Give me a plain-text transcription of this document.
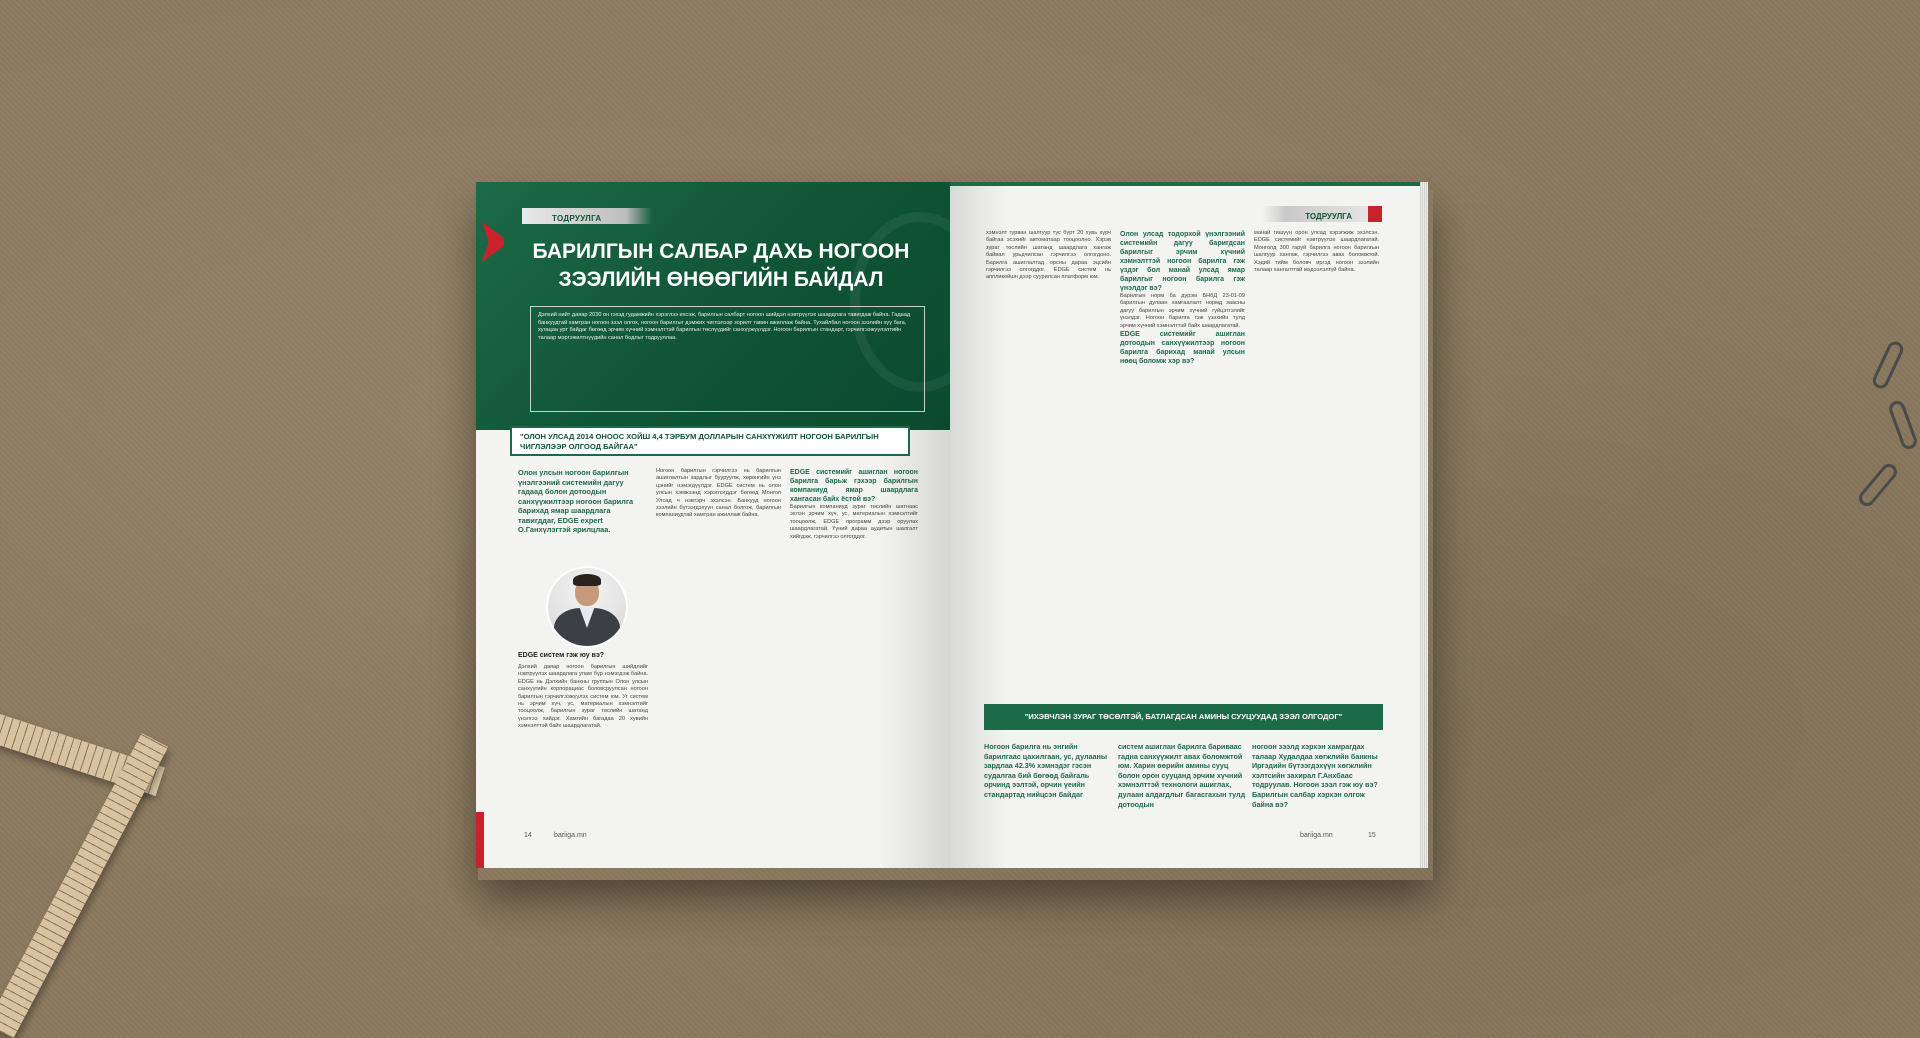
ТОДРУУЛГА
БАРИЛГЫН САЛБАР ДАХЬ НОГООН ЗЭЭЛИЙН ӨНӨӨГИЙН БАЙДАЛ
Дэлхий нийт даяар 2030 он гэхэд гудамжийн хэрэглээ ихсэж, барилгын салбарт ногоон шийдэл нэвтрүүлэх шаардлага тавигдаж байна. Гадаад банкуудтай хамтран ногоон зээл олгох, ногоон барилгыг дэмжих чиглэлээр зорилт тавин ажиллаж байна. Тухайлбал ногоон зээлийн хүү бага, хугацаа урт байдаг бөгөөд эрчим хүчний хэмнэлттэй барилгын төслүүдийг санхүүжүүлдэг. Ногоон барилгын стандарт, гэрчилгээжүүлэлтийн талаар мэргэжилтнүүдийн санал бодлыг тодрууллаа.
"ОЛОН УЛСАД 2014 ОНООС ХОЙШ 4,4 ТЭРБУМ ДОЛЛАРЫН САНХҮҮЖИЛТ НОГООН БАРИЛГЫН ЧИГЛЭЛЭЭР ОЛГООД БАЙГАА"
Олон улсын ногоон барилгын үнэлгээний системийн дагуу гадаад болон дотоодын санхүүжилтээр ногоон барилга барихад ямар шаардлага тавигддаг, EDGE expert О.Ганхүлэгтэй ярилцлаа.
EDGE систем гэж юу вэ?
Дэлхий даяар ногоон барилгын шийдлийг нэвтрүүлэх шаардлага улам бүр нэмэгдэж байна. EDGE нь Дэлхийн банкны группын Олон улсын санхүүгийн корпорациас боловсруулсан ногоон барилгын гэрчилгээжүүлэх систем юм. Уг систем нь эрчим хүч, ус, материалын хэмнэлтийг тооцоолж, барилгын зураг төслийн шатанд үнэлгээ хийдэг. Хамгийн багадаа 20 хувийн хэмнэлттэй байх шаардлагатай.
Ногоон барилгын гэрчилгээ нь барилгын ашиглалтын зардлыг бууруулж, хөрөнгийн үнэ цэнийг нэмэгдүүлдэг. EDGE систем нь олон улсын хэмжээнд хэрэглэгддэг бөгөөд Монгол Улсад ч нэвтэрч эхэлсэн. Банкууд ногоон зээлийн бүтээгдэхүүн санал болгож, барилгын компаниудтай хамтран ажиллаж байна.
EDGE системийг ашиглан ногоон барилга барьж гэхээр барилгын компаниуд ямар шаардлага хангасан байх ёстой вэ?
Барилгын компаниуд зураг төслийн шатнаас эхлэн эрчим хүч, ус, материалын хэмнэлтийг тооцоолж, EDGE программ дээр оруулах шаардлагатай. Үүний дараа аудитын шалгалт хийгдэж, гэрчилгээ олгогддог.
14	bariiga.mn
ТОДРУУЛГА
хэмнэлт гурван шалгуур тус бүрт 20 хувь хүрч байгаа эсэхийг автоматаар тооцоолно. Хэрэв зураг төслийн шатанд шаардлага хангаж байвал урьдчилсан гэрчилгээ олгогдоно. Барилга ашиглалтад орсны дараа эцсийн гэрчилгээ олгогддог. EDGE систем нь аппликейшн дээр суурилсан платформ юм.
Олон улсад тодорхой үнэлгээний системийн дагуу баригдсан барилгыг эрчим хүчний хэмнэлттэй ногоон барилга гэж үздэг бол манай улсад ямар барилгыг ногоон барилга гэж үнэлдэг вэ?
Барилгын норм ба дүрэм БНбД 23-01-09 барилгын дулаан хамгаалалт нормд заасны дагуу барилгын эрчим хүчний гүйцэтгэлийг үнэлдэг. Ногоон барилга гэж үзэхийн тулд эрчим хүчний хэмнэлттэй байх шаардлагатай.
EDGE системийг ашиглан дотоодын санхүүжилтээр ногоон барилга барихад манай улсын нөөц боломж хэр вэ?
манай гишүүн орон улсад хэрэгжиж эхэлсэн. EDGE системийг нэвтрүүлэх шаардлагатай. Монголд 300 гаруй барилга ногоон барилгын шалгуур хангаж, гэрчилгээ авах боломжтой. Хэдий тийм боловч иргэд ногоон зээлийн талаар хангалттай мэдээлэлгүй байна.
"ИХЭВЧЛЭН ЗУРАГ ТӨСӨЛТЭЙ, БАТЛАГДСАН АМИНЫ СУУЦУУДАД ЗЭЭЛ ОЛГОДОГ"
Ногоон барилга нь энгийн барилгаас цахилгаан, ус, дулааны зардлаа 42.3% хэмнэдэг гэсэн судалгаа бий бөгөөд байгаль орчинд ээлтэй, орчин үеийн стандартад нийцсэн байдаг
систем ашиглан барилга бариваас гадна санхүүжилт авах боломжтой юм. Харин өөрийн амины сууц болон орон сууцанд эрчим хүчний хэмнэлттэй технологи ашиглах, дулаан алдагдлыг багасгахын тулд дотоодын
ногоон зээлд хэрхэн хамрагдах талаар Худалдаа хөгжлийн банкны Иргэдийн бүтээгдэхүүн хөгжлийн хэлтсийн захирал Г.Анхбаас тодруулав. Ногоон зээл гэж юу вэ? Барилгын салбар хэрхэн олгож байна вэ?
bariiga.mn	15
